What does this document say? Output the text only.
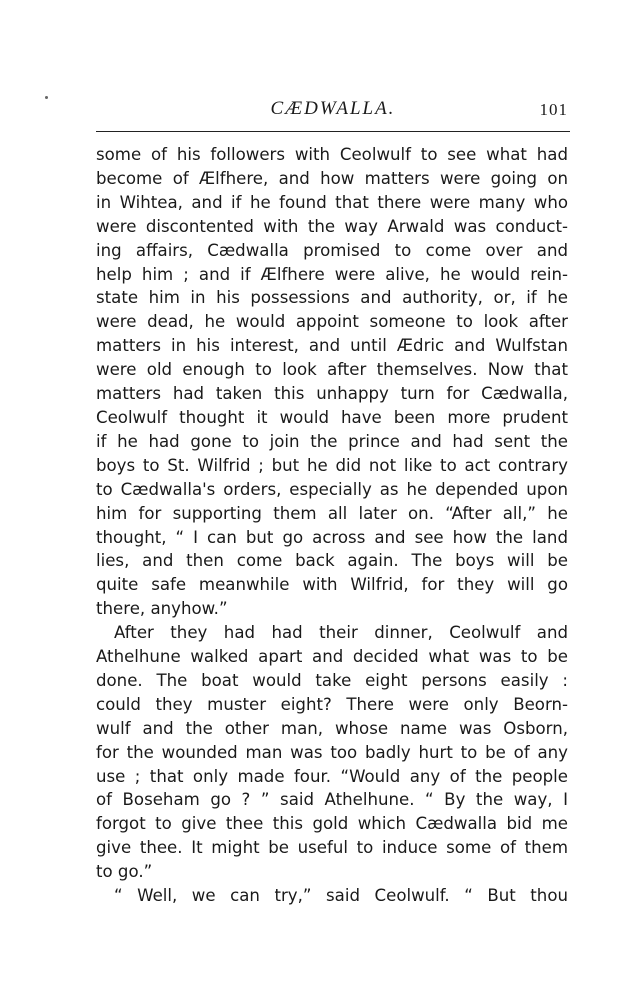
CÆDWALLA.	101
some of his followers with Ceolwulf to see what had
become of Ælfhere, and how matters were going on
in Wihtea, and if he found that there were many who
were discontented with the way Arwald was conduct-
ing affairs, Cædwalla promised to come over and
help him ; and if Ælfhere were alive, he would rein-
state him in his possessions and authority, or, if he
were dead, he would appoint someone to look after
matters in his interest, and until Ædric and Wulfstan
were old enough to look after themselves. Now that
matters had taken this unhappy turn for Cædwalla,
Ceolwulf thought it would have been more prudent
if he had gone to join the prince and had sent the
boys to St. Wilfrid ; but he did not like to act contrary
to Cædwalla's orders, especially as he depended upon
him for supporting them all later on. “After all,” he
thought, “ I can but go across and see how the land
lies, and then come back again. The boys will be
quite safe meanwhile with Wilfrid, for they will go
there, anyhow.”
After they had had their dinner, Ceolwulf and
Athelhune walked apart and decided what was to be
done. The boat would take eight persons easily :
could they muster eight? There were only Beorn-
wulf and the other man, whose name was Osborn,
for the wounded man was too badly hurt to be of any
use ; that only made four. “Would any of the people
of Boseham go ? ” said Athelhune. “ By the way, I
forgot to give thee this gold which Cædwalla bid me
give thee. It might be useful to induce some of them
to go.”
“ Well, we can try,” said Ceolwulf. “ But thou
